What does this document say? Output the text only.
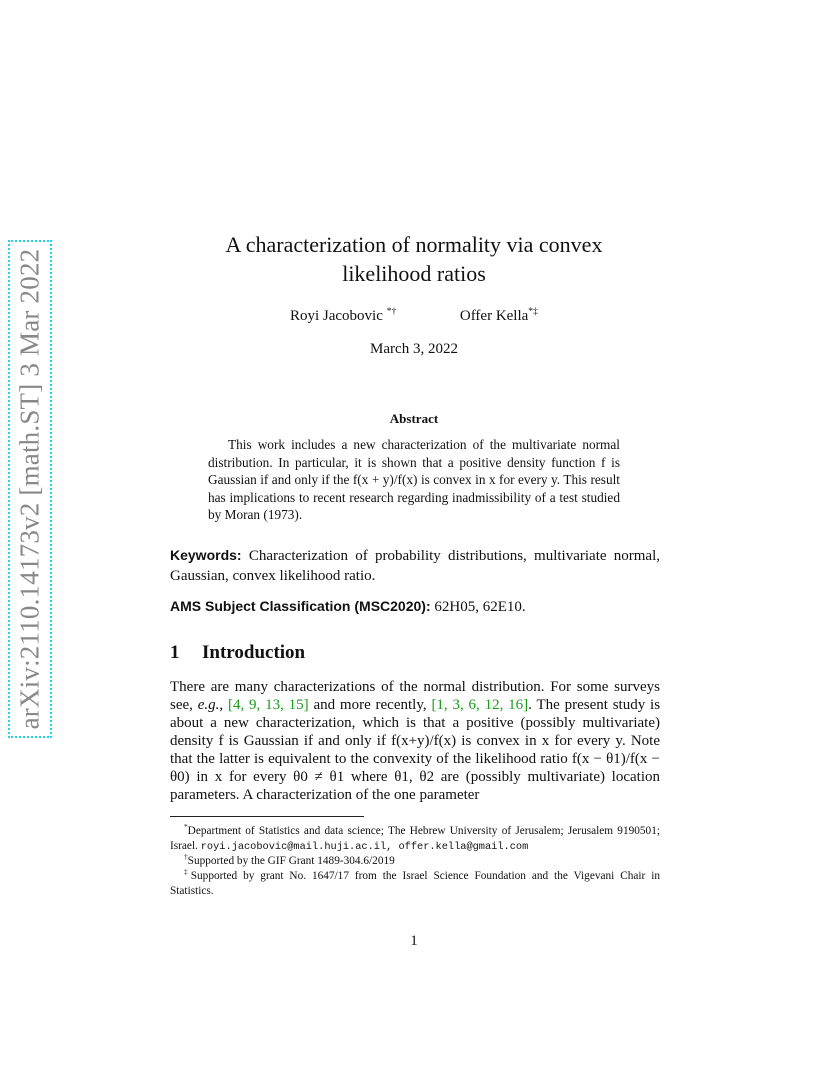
arXiv:2110.14173v2 [math.ST] 3 Mar 2022
A characterization of normality via convex likelihood ratios
Royi Jacobovic *†	Offer Kella*‡
March 3, 2022
Abstract
This work includes a new characterization of the multivariate normal distribution. In particular, it is shown that a positive density function f is Gaussian if and only if the f(x + y)/f(x) is convex in x for every y. This result has implications to recent research regarding inadmissibility of a test studied by Moran (1973).
Keywords: Characterization of probability distributions, multivariate normal, Gaussian, convex likelihood ratio.
AMS Subject Classification (MSC2020): 62H05, 62E10.
1 Introduction
There are many characterizations of the normal distribution. For some surveys see, e.g., [4, 9, 13, 15] and more recently, [1, 3, 6, 12, 16]. The present study is about a new characterization, which is that a positive (possibly multivariate) density f is Gaussian if and only if f(x+y)/f(x) is convex in x for every y. Note that the latter is equivalent to the convexity of the likelihood ratio f(x − θ1)/f(x − θ0) in x for every θ0 ≠ θ1 where θ1, θ2 are (possibly multivariate) location parameters. A characterization of the one parameter
*Department of Statistics and data science; The Hebrew University of Jerusalem; Jerusalem 9190501; Israel. royi.jacobovic@mail.huji.ac.il, offer.kella@gmail.com
†Supported by the GIF Grant 1489-304.6/2019
‡Supported by grant No. 1647/17 from the Israel Science Foundation and the Vigevani Chair in Statistics.
1
